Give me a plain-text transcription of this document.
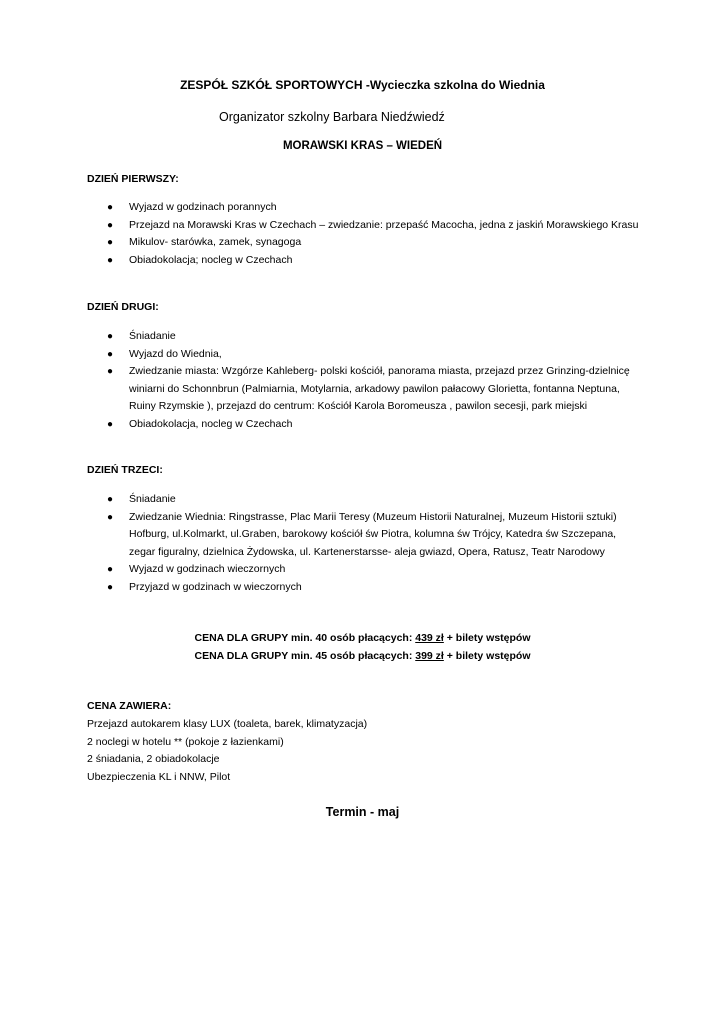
ZESPÓŁ SZKÓŁ SPORTOWYCH -Wycieczka szkolna do Wiednia
Organizator szkolny Barbara Niedźwiedź
MORAWSKI KRAS – WIEDEŃ
DZIEŃ PIERWSZY:
● Wyjazd w godzinach porannych
● Przejazd na Morawski Kras w Czechach – zwiedzanie: przepaść Macocha, jedna z jaskiń Morawskiego Krasu
● Mikulov- starówka, zamek, synagoga
● Obiadokolacja; nocleg w Czechach
DZIEŃ DRUGI:
● Śniadanie
● Wyjazd do Wiednia,
● Zwiedzanie miasta: Wzgórze Kahleberg- polski kościół, panorama miasta, przejazd przez Grinzing-dzielnicę winiarni do Schonnbrun (Palmiarnia, Motylarnia, arkadowy pawilon pałacowy Glorietta, fontanna Neptuna, Ruiny Rzymskie ), przejazd do centrum: Kościół Karola Boromeusza , pawilon secesji, park miejski
● Obiadokolacja, nocleg w Czechach
DZIEŃ TRZECI:
● Śniadanie
● Zwiedzanie Wiednia: Ringstrasse, Plac Marii Teresy (Muzeum Historii Naturalnej, Muzeum Historii sztuki) Hofburg, ul.Kolmarkt, ul.Graben, barokowy kościół św Piotra, kolumna św Trójcy, Katedra św Szczepana, zegar figuralny, dzielnica Żydowska, ul. Kartenerstarsse- aleja gwiazd, Opera, Ratusz, Teatr Narodowy
● Wyjazd w godzinach wieczornych
● Przyjazd w godzinach w wieczornych
CENA DLA GRUPY min. 40 osób płacących: 439 zł + bilety wstępów
CENA DLA GRUPY min. 45 osób płacących: 399 zł + bilety wstępów
CENA ZAWIERA:
Przejazd autokarem klasy LUX (toaleta, barek, klimatyzacja)
2 noclegi w hotelu ** (pokoje z łazienkami)
2 śniadania, 2 obiadokolacje
Ubezpieczenia KL i NNW, Pilot
Termin - maj
